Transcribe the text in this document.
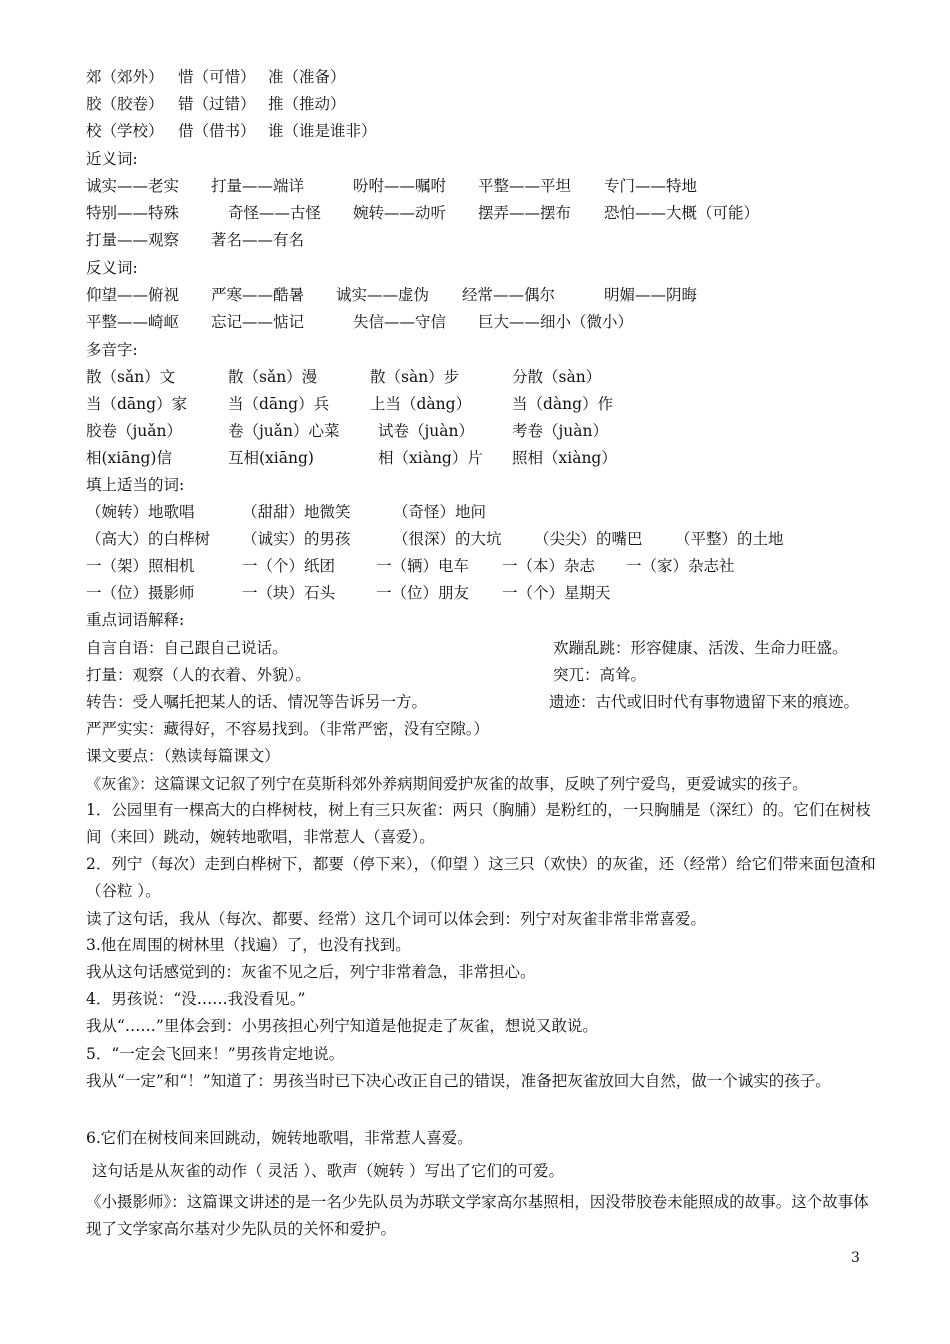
郊（郊外） 惜（可惜） 准（准备）
胶（胶卷） 错（过错） 推（推动）
校（学校） 借（借书） 谁（谁是谁非）
近义词:
诚实——老实 打量——端详	吩咐——嘱咐 平整——平坦 专门——特地
特别——特殊	奇怪——古怪 婉转——动听 摆弄——摆布 恐怕——大概（可能）
打量——观察 著名——有名
反义词:
仰望——俯视 严寒——酷暑 诚实——虚伪 经常——偶尔	明媚——阴晦
平整——崎岖 忘记——惦记	失信——守信 巨大——细小（微小）
多音字:
散（sǎn）文	散（sǎn）漫	散（sàn）步	分散（sàn）
当（dāng）家	当（dāng）兵	上当（dàng）	当（dàng）作
胶卷（juǎn）	卷（juǎn）心菜 试卷（juàn） 考卷（juàn）
相(xiāng)信	互相(xiāng)	相（xiàng）片 照相（xiàng）
填上适当的词:
（婉转）地歌唱	（甜甜）地微笑	（奇怪）地问
（高大）的白桦树 （诚实）的男孩	（很深）的大坑 （尖尖）的嘴巴 （平整）的土地
一（架）照相机	一（个）纸团	一（辆）电车 一（本）杂志 一（家）杂志社
一（位）摄影师	一（块）石头	一（位）朋友 一（个）星期天
重点词语解释:
自言自语：自己跟自己说话。	欢蹦乱跳：形容健康、活泼、生命力旺盛。
打量：观察（人的衣着、外貌）。	突兀：高耸。
转告：受人嘱托把某人的话、情况等告诉另一方。	遗迹：古代或旧时代有事物遗留下来的痕迹。
严严实实：藏得好，不容易找到。（非常严密，没有空隙。）
课文要点：（熟读每篇课文）
《灰雀》：这篇课文记叙了列宁在莫斯科郊外养病期间爱护灰雀的故事，反映了列宁爱鸟，更爱诚实的孩子。
1．公园里有一棵高大的白桦树枝，树上有三只灰雀：两只（胸脯）是粉红的，一只胸脯是（深红）的。它们在树枝间（来回）跳动，婉转地歌唱，非常惹人（喜爱）。
2．列宁（每次）走到白桦树下，都要（停下来），（仰望 ）这三只（欢快）的灰雀，还（经常）给它们带来面包渣和（谷粒 ）。
读了这句话，我从（每次、都要、经常）这几个词可以体会到：列宁对灰雀非常非常喜爱。
3.他在周围的树林里（找遍）了，也没有找到。
我从这句话感觉到的：灰雀不见之后，列宁非常着急，非常担心。
4．男孩说：“没……我没看见。”
我从“……”里体会到：小男孩担心列宁知道是他捉走了灰雀，想说又敢说。
5．“一定会飞回来！”男孩肯定地说。
我从“一定”和“！”知道了：男孩当时已下决心改正自己的错误，准备把灰雀放回大自然，做一个诚实的孩子。
6.它们在树枝间来回跳动，婉转地歌唱，非常惹人喜爱。
这句话是从灰雀的动作（ 灵活 ）、歌声（婉转 ）写出了它们的可爱。
《小摄影师》：这篇课文讲述的是一名少先队员为苏联文学家高尔基照相，因没带胶卷未能照成的故事。这个故事体现了文学家高尔基对少先队员的关怀和爱护。
3
